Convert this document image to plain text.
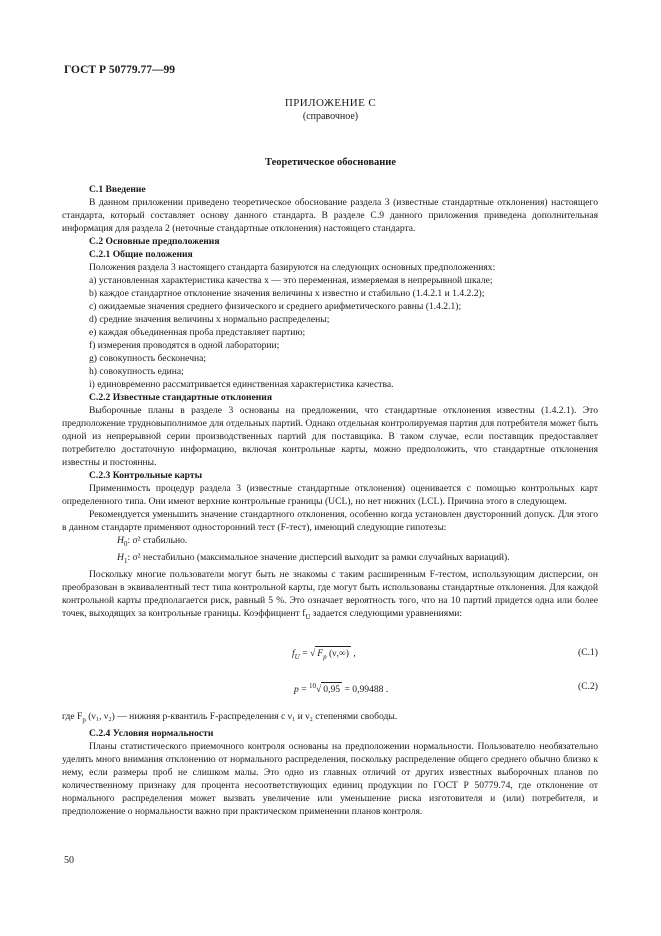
ГОСТ Р 50779.77—99
ПРИЛОЖЕНИЕ С
(справочное)
Теоретическое обоснование

С.1 Введение

В данном приложении приведено теоретическое обоснование раздела 3 (известные стандартные отклонения) настоящего стандарта, который составляет основу данного стандарта. В разделе С.9 данного приложения приведена дополнительная информация для раздела 2 (неточные стандартные отклонения) настоящего стандарта.

С.2 Основные предположения

С.2.1 Общие положения

Положения раздела 3 настоящего стандарта базируются на следующих основных предположениях:

a) установленная характеристика качества x — это переменная, измеряемая в непрерывной шкале;

b) каждое стандартное отклонение значения величины x известно и стабильно (1.4.2.1 и 1.4.2.2);

c) ожидаемые значения среднего физического и среднего арифметического равны (1.4.2.1);

d) средние значения величины x нормально распределены;

e) каждая объединенная проба представляет партию;

f) измерения проводятся в одной лаборатории;

g) совокупность бесконечна;

h) совокупность едина;

i) единовременно рассматривается единственная характеристика качества.

С.2.2 Известные стандартные отклонения

Выборочные планы в разделе 3 основаны на предложении, что стандартные отклонения известны (1.4.2.1). Это предположение трудновыполнимое для отдельных партий. Однако отдельная контролируемая партия для потребителя может быть одной из непрерывной серии производственных партий для поставщика. В таком случае, если поставщик предоставляет потребителю достаточную информацию, включая контрольные карты, можно предположить, что стандартные отклонения известны и постоянны.

С.2.3 Контрольные карты

Применимость процедур раздела 3 (известные стандартные отклонения) оценивается с помощью контрольных карт определенного типа. Они имеют верхние контрольные границы (UCL), но нет нижних (LCL). Причина этого в следующем.

Рекомендуется уменьшить значение стандартного отклонения, особенно когда установлен двусторонний допуск. Для этого в данном стандарте применяют односторонний тест (F-тест), имеющий следующие гипотезы:

$H_0$: σ² стабильно.

$H_1$: σ² нестабильно (максимальное значение дисперсий выходит за рамки случайных вариаций).

Поскольку многие пользователи могут быть не знакомы с таким расширенным F-тестом, использующим дисперсии, он преобразован в эквивалентный тест типа контрольной карты, где могут быть использованы стандартные отклонения. Для каждой контрольной карты предполагается риск, равный 5 %. Это означает вероятность того, что на 10 партий придется одна или более точек, выходящих за контрольные границы. Коэффициент $f_U$ задается следующими уравнениями:

$f_U$ = √ $F_p$ (ν,∞) ,	(С.1)
p = $^{10}$√ 0,95 = 0,99488 .	(С.2)

где $F_p$ (ν₁, ν₂) — нижняя p-квантиль F-распределения с ν₁ и ν₂ степенями свободы.

С.2.4 Условия нормальности

Планы статистического приемочного контроля основаны на предположении нормальности. Пользователю необязательно уделять много внимания отклонению от нормального распределения, поскольку распределение общего среднего обычно близко к нему, если размеры проб не слишком малы. Это одно из главных отличий от других известных выборочных планов по количественному признаку для процента несоответствующих единиц продукции по ГОСТ Р 50779.74, где отклонение от нормального распределения может вызвать увеличение или уменьшение риска изготовителя и (или) потребителя, и предположение о нормальности важно при практическом применении планов контроля.

50
